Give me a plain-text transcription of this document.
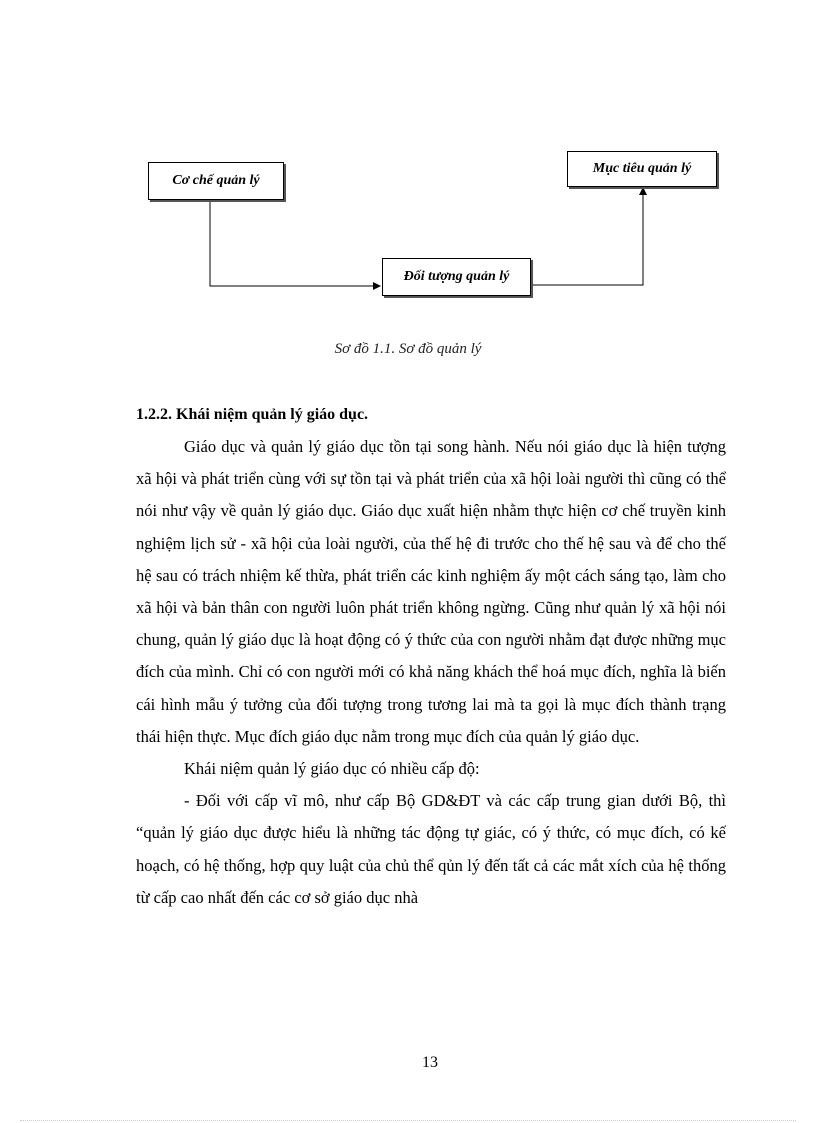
Cơ chế quản lý
Mục tiêu quản lý
Đối tượng quản lý
Sơ đồ 1.1. Sơ đồ quản lý
1.2.2. Khái niệm quản lý giáo dục.

Giáo dục và quản lý giáo dục tồn tại song hành. Nếu nói giáo dục là hiện tượng xã hội và phát triển cùng với sự tồn tại và phát triển của xã hội loài người thì cũng có thể nói như vậy về quản lý giáo dục. Giáo dục xuất hiện nhằm thực hiện cơ chế truyền kinh nghiệm lịch sử - xã hội của loài người, của thế hệ đi trước cho thế hệ sau và để cho thế hệ sau có trách nhiệm kế thừa, phát triển các kinh nghiệm ấy một cách sáng tạo, làm cho xã hội và bản thân con người luôn phát triển không ngừng. Cũng như quản lý xã hội nói chung, quản lý giáo dục là hoạt động có ý thức của con người nhằm đạt được những mục đích của mình. Chỉ có con người mới có khả năng khách thể hoá mục đích, nghĩa là biến cái hình mẫu ý tưởng của đối tượng trong tương lai mà ta gọi là mục đích thành trạng thái hiện thực. Mục đích giáo dục nằm trong mục đích của quản lý giáo dục.

Khái niệm quản lý giáo dục có nhiều cấp độ:

- Đối với cấp vĩ mô, như cấp Bộ GD&ĐT và các cấp trung gian dưới Bộ, thì “quản lý giáo dục được hiểu là những tác động tự giác, có ý thức, có mục đích, có kế hoạch, có hệ thống, hợp quy luật của chủ thể qủn lý đến tất cả các mắt xích của hệ thống từ cấp cao nhất đến các cơ sở giáo dục nhà

13
